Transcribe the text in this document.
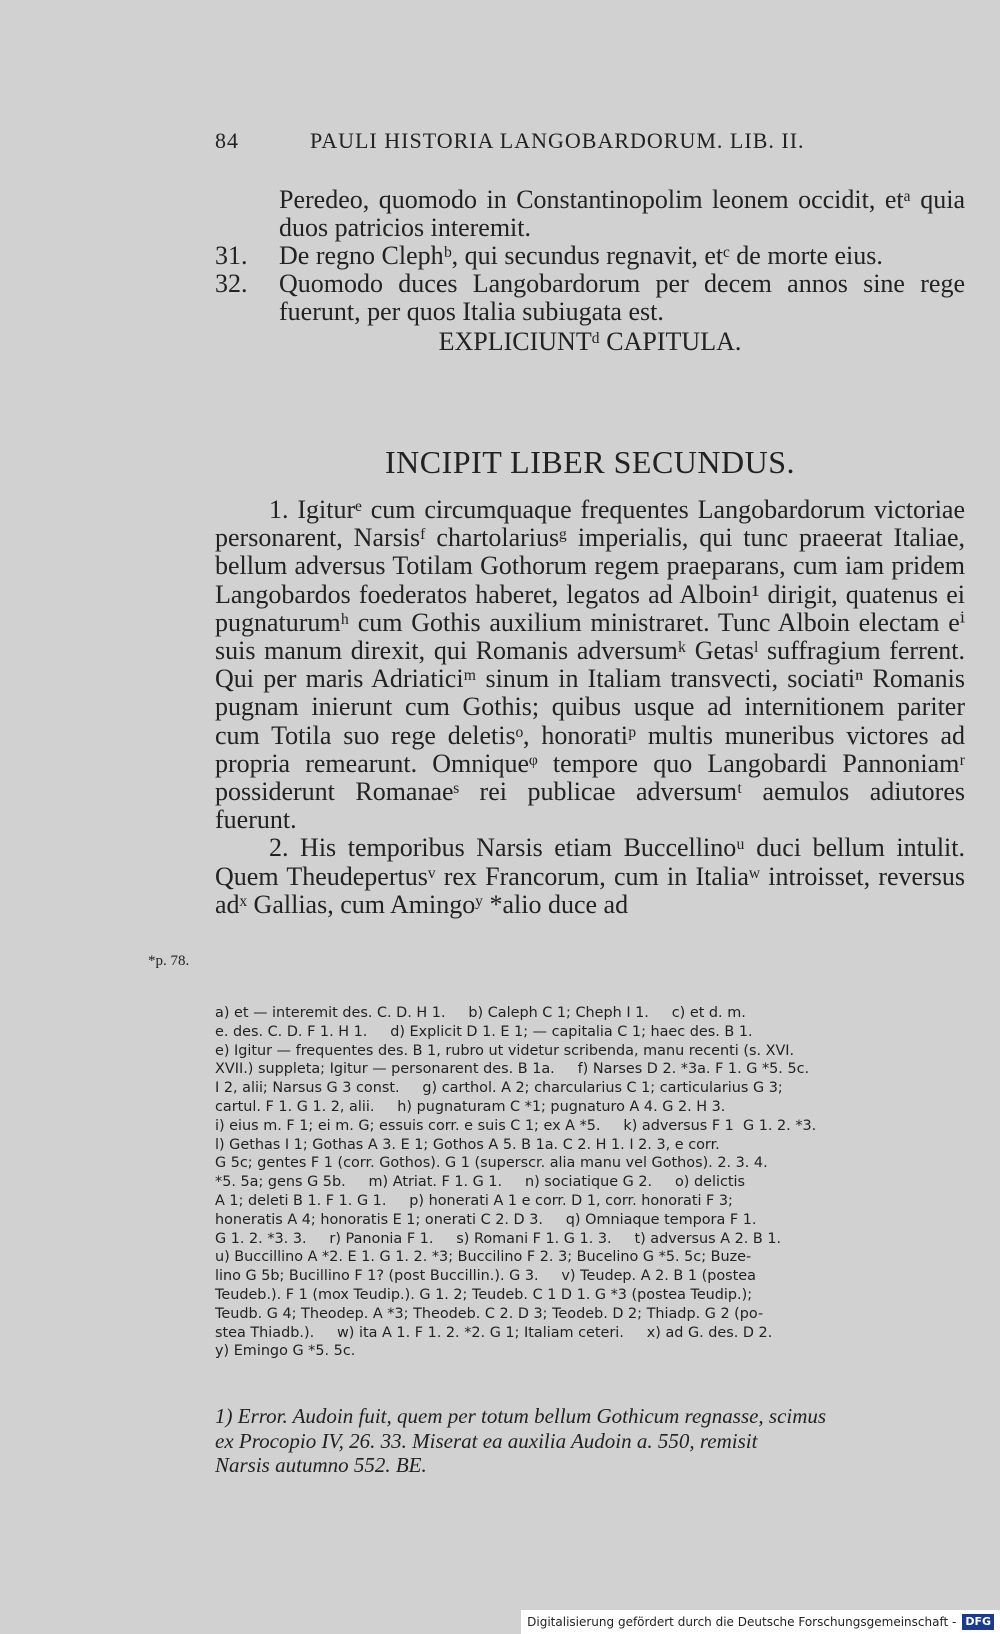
84	PAULI HISTORIA LANGOBARDORUM. LIB. II.
Peredeo, quomodo in Constantinopolim leonem occidit, etᵃ quia duos patricios interemit.
31. De regno Clephᵇ, qui secundus regnavit, etᶜ de morte eius.
32. Quomodo duces Langobardorum per decem annos sine rege fuerunt, per quos Italia subiugata est.
EXPLICIUNTᵈ CAPITULA.
INCIPIT LIBER SECUNDUS.

1. Igiturᵉ cum circumquaque frequentes Langobardorum victoriae personarent, Narsisᶠ chartolariusᵍ imperialis, qui tunc praeerat Italiae, bellum adversus Totilam Gothorum regem praeparans, cum iam pridem Langobardos foederatos haberet, legatos ad Alboin¹ dirigit, quatenus ei pugnaturumʰ cum Gothis auxilium ministraret. Tunc Alboin electam eⁱ suis manum direxit, qui Romanis adversumᵏ Getasˡ suffragium ferrent. Qui per maris Adriaticiᵐ sinum in Italiam transvecti, sociatiⁿ Romanis pugnam inierunt cum Gothis; quibus usque ad internitionem pariter cum Totila suo rege deletisᵒ, honoratiᵖ multis muneribus victores ad propria remearunt. Omniqueᵠ tempore quo Langobardi Pannoniamʳ possiderunt Romanaeˢ rei publicae adversumᵗ aemulos adiutores fuerunt.

2. His temporibus Narsis etiam Buccellinoᵘ duci bellum intulit. Quem Theudepertusᵛ rex Francorum, cum in Italiaʷ introisset, reversus adˣ Gallias, cum Amingoʸ *alio duce ad

*p. 78.

a) et — interemit des. C. D. H 1.     b) Caleph C 1; Cheph I 1.     c) et d. m.

e. des. C. D. F 1. H 1.     d) Explicit D 1. E 1; — capitalia C 1; haec des. B 1.

e) Igitur — frequentes des. B 1, rubro ut videtur scribenda, manu recenti (s. XVI.

XVII.) suppleta; Igitur — personarent des. B 1a.     f) Narses D 2. *3a. F 1. G *5. 5c.

I 2, alii; Narsus G 3 const.     g) carthol. A 2; charcularius C 1; carticularius G 3;

cartul. F 1. G 1. 2, alii.     h) pugnaturam C *1; pugnaturo A 4. G 2. H 3.

i) eius m. F 1; ei m. G; essuis corr. e suis C 1; ex A *5.     k) adversus F 1  G 1. 2. *3.

l) Gethas I 1; Gothas A 3. E 1; Gothos A 5. B 1a. C 2. H 1. I 2. 3, e corr.

G 5c; gentes F 1 (corr. Gothos). G 1 (superscr. alia manu vel Gothos). 2. 3. 4.

*5. 5a; gens G 5b.     m) Atriat. F 1. G 1.     n) sociatique G 2.     o) delictis

A 1; deleti B 1. F 1. G 1.     p) honerati A 1 e corr. D 1, corr. honorati F 3;

honeratis A 4; honoratis E 1; onerati C 2. D 3.     q) Omniaque tempora F 1.

G 1. 2. *3. 3.     r) Panonia F 1.     s) Romani F 1. G 1. 3.     t) adversus A 2. B 1.

u) Buccillino A *2. E 1. G 1. 2. *3; Buccilino F 2. 3; Bucelino G *5. 5c; Buze-

lino G 5b; Bucillino F 1? (post Buccillin.). G 3.     v) Teudep. A 2. B 1 (postea

Teudeb.). F 1 (mox Teudip.). G 1. 2; Teudeb. C 1 D 1. G *3 (postea Teudip.);

Teudb. G 4; Theodep. A *3; Theodeb. C 2. D 3; Teodeb. D 2; Thiadp. G 2 (po-

stea Thiadb.).     w) ita A 1. F 1. 2. *2. G 1; Italiam ceteri.     x) ad G. des. D 2.

y) Emingo G *5. 5c.

1) Error. Audoin fuit, quem per totum bellum Gothicum regnasse, scimus

ex Procopio IV, 26. 33. Miserat ea auxilia Audoin a. 550, remisit

Narsis autumno 552. BE.

Digitalisierung gefördert durch die Deutsche Forschungsgemeinschaft - DFG
